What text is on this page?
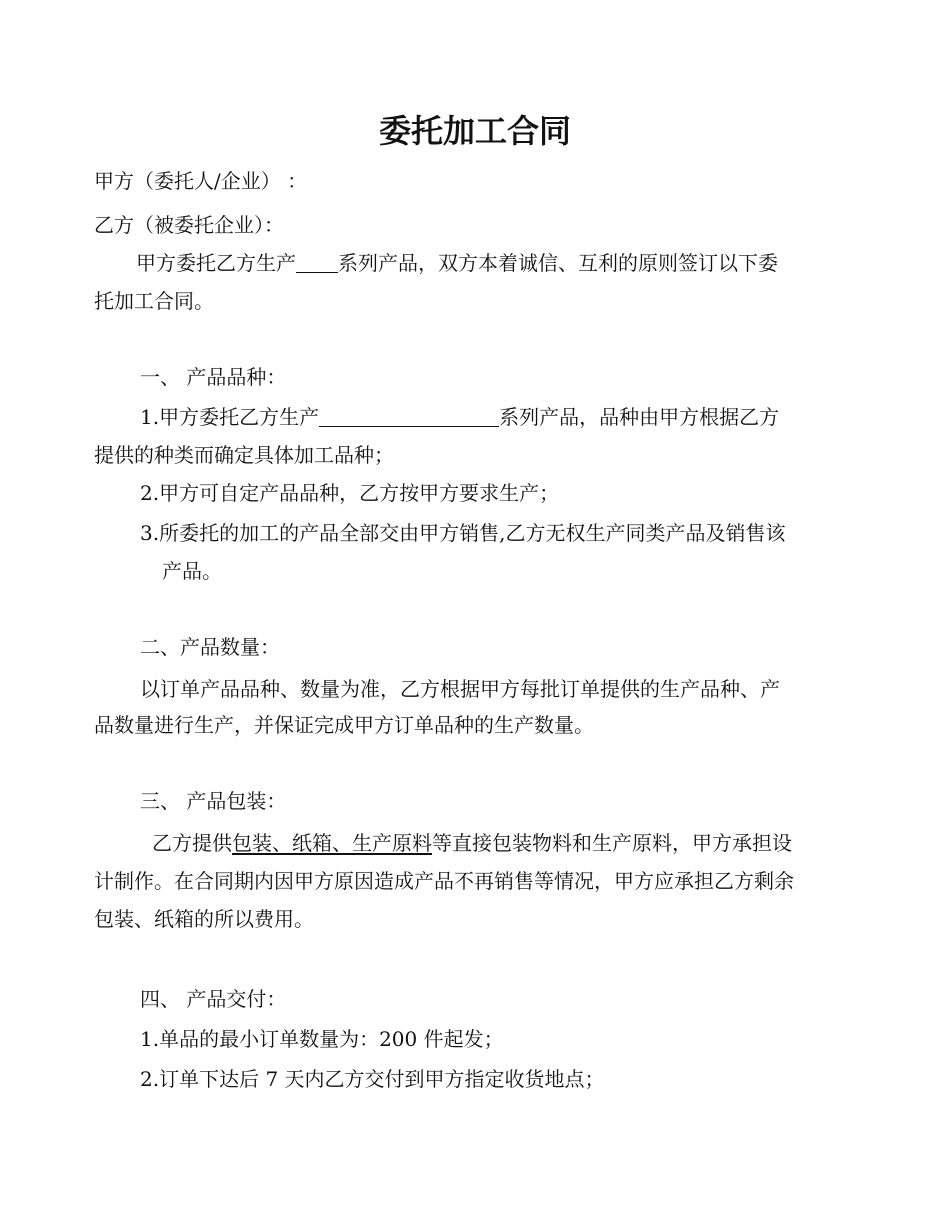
委托加工合同
甲方（委托人/企业） ：
乙方（被委托企业）：
甲方委托乙方生产 系列产品，双方本着诚信、互利的原则签订以下委
托加工合同。
一、 产品品种：
1.甲方委托乙方生产	系列产品，品种由甲方根据乙方
提供的种类而确定具体加工品种；
2.甲方可自定产品品种，乙方按甲方要求生产；
3.所委托的加工的产品全部交由甲方销售,乙方无权生产同类产品及销售该
产品。
二、产品数量：
以订单产品品种、数量为准，乙方根据甲方每批订单提供的生产品种、产
品数量进行生产，并保证完成甲方订单品种的生产数量。
三、 产品包装：
乙方提供包装、纸箱、生产原料等直接包装物料和生产原料，甲方承担设
计制作。在合同期内因甲方原因造成产品不再销售等情况，甲方应承担乙方剩余
包装、纸箱的所以费用。
四、 产品交付：
1.单品的最小订单数量为：200 件起发；
2.订单下达后 7 天内乙方交付到甲方指定收货地点；
